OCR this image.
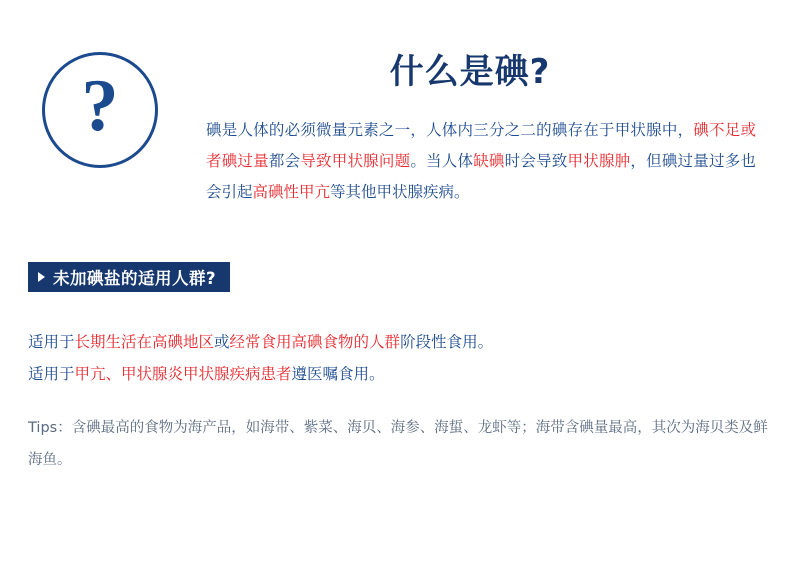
?	什么是碘?
碘是人体的必须微量元素之一，人体内三分之二的碘存在于甲状腺中，碘不足或者碘过量都会导致甲状腺问题。当人体缺碘时会导致甲状腺肿，但碘过量过多也会引起高碘性甲亢等其他甲状腺疾病。
未加碘盐的适用人群?
适用于长期生活在高碘地区或经常食用高碘食物的人群阶段性食用。
适用于甲亢、甲状腺炎甲状腺疾病患者遵医嘱食用。
Tips：含碘最高的食物为海产品，如海带、紫菜、海贝、海参、海蜇、龙虾等；海带含碘量最高，其次为海贝类及鲜海鱼。
